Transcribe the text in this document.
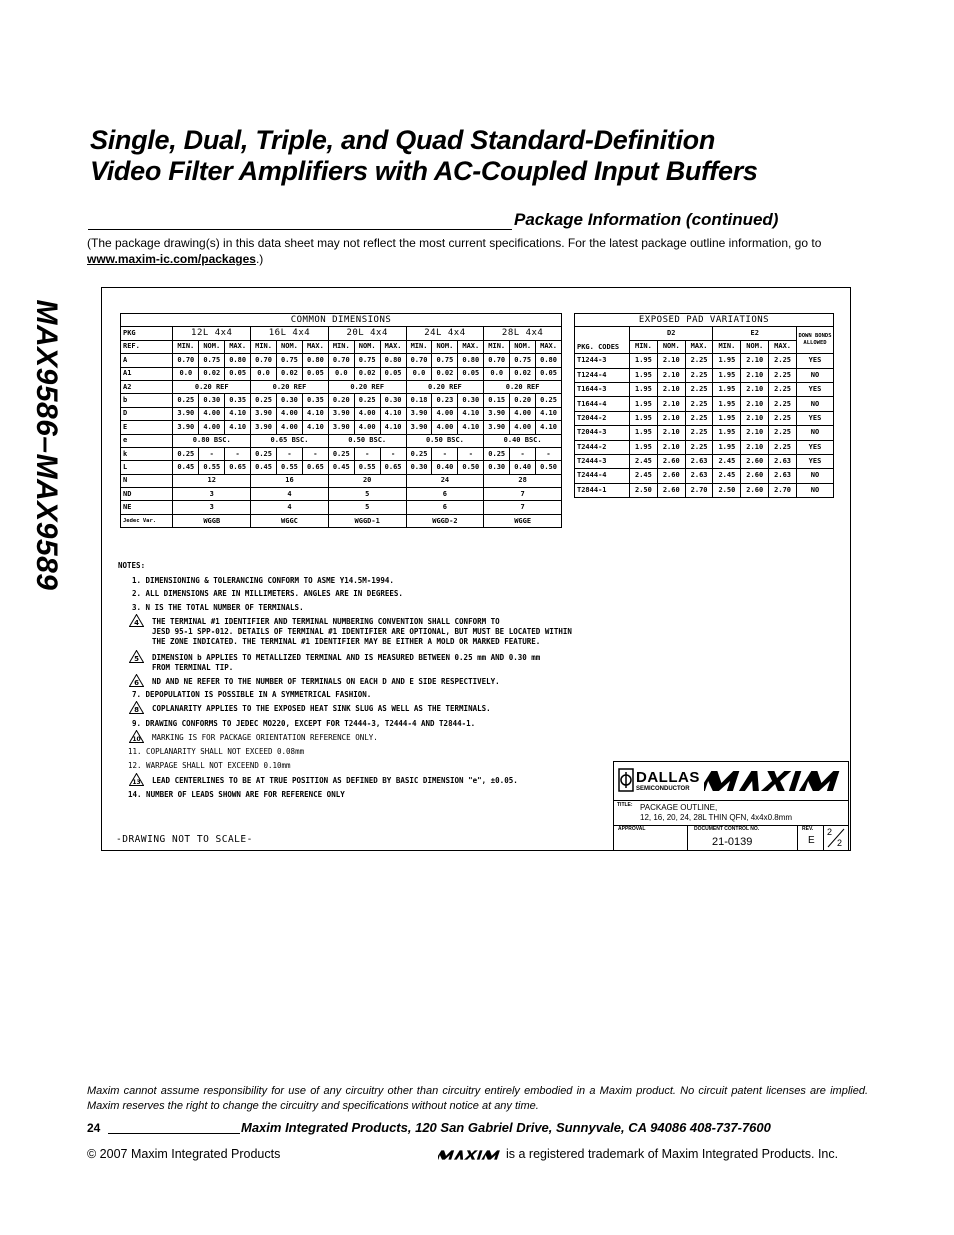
MAX9586–MAX9589
Single, Dual, Triple, and Quad Standard-Definition
Video Filter Amplifiers with AC-Coupled Input Buffers
Package Information (continued)
(The package drawing(s) in this data sheet may not reflect the most current specifications. For the latest package outline information, go to www.maxim-ic.com/packages.)
COMMON DIMENSIONS															
PKG	12L 4x4			16L 4x4			20L 4x4			24L 4x4			28L 4x4		
REF.	MIN.	NOM.	MAX.	MIN.	NOM.	MAX.	MIN.	NOM.	MAX.	MIN.	NOM.	MAX.	MIN.	NOM.	MAX.
A	0.70	0.75	0.80	0.70	0.75	0.80	0.70	0.75	0.80	0.70	0.75	0.80	0.70	0.75	0.80
A1	0.0	0.02	0.05	0.0	0.02	0.05	0.0	0.02	0.05	0.0	0.02	0.05	0.0	0.02	0.05
A2	0.20 REF			0.20 REF			0.20 REF			0.20 REF			0.20 REF		
b	0.25	0.30	0.35	0.25	0.30	0.35	0.20	0.25	0.30	0.18	0.23	0.30	0.15	0.20	0.25
D	3.90	4.00	4.10	3.90	4.00	4.10	3.90	4.00	4.10	3.90	4.00	4.10	3.90	4.00	4.10
E	3.90	4.00	4.10	3.90	4.00	4.10	3.90	4.00	4.10	3.90	4.00	4.10	3.90	4.00	4.10
e	0.80 BSC.			0.65 BSC.			0.50 BSC.			0.50 BSC.			0.40 BSC.		
k	0.25	-	-	0.25	-	-	0.25	-	-	0.25	-	-	0.25	-	-
L	0.45	0.55	0.65	0.45	0.55	0.65	0.45	0.55	0.65	0.30	0.40	0.50	0.30	0.40	0.50
N	12			16			20			24			28		
ND	3			4			5			6			7		
NE	3			4			5			6			7		
Jedec Var.	WGGB			WGGC			WGGD-1			WGGD-2			WGGE		
EXPOSED PAD VARIATIONS							
PKG. CODES	D2			E2			DOWN BONDS ALLOWED
	MIN.	NOM.	MAX.	MIN.	NOM.	MAX.	
T1244-3	1.95	2.10	2.25	1.95	2.10	2.25	YES
T1244-4	1.95	2.10	2.25	1.95	2.10	2.25	NO
T1644-3	1.95	2.10	2.25	1.95	2.10	2.25	YES
T1644-4	1.95	2.10	2.25	1.95	2.10	2.25	NO
T2044-2	1.95	2.10	2.25	1.95	2.10	2.25	YES
T2044-3	1.95	2.10	2.25	1.95	2.10	2.25	NO
T2444-2	1.95	2.10	2.25	1.95	2.10	2.25	YES
T2444-3	2.45	2.60	2.63	2.45	2.60	2.63	YES
T2444-4	2.45	2.60	2.63	2.45	2.60	2.63	NO
T2844-1	2.50	2.60	2.70	2.50	2.60	2.70	NO
NOTES:
1. DIMENSIONING & TOLERANCING CONFORM TO ASME Y14.5M-1994.
2. ALL DIMENSIONS ARE IN MILLIMETERS. ANGLES ARE IN DEGREES.
3. N IS THE TOTAL NUMBER OF TERMINALS.
THE TERMINAL #1 IDENTIFIER AND TERMINAL NUMBERING CONVENTION SHALL CONFORM TO
JESD 95-1 SPP-012. DETAILS OF TERMINAL #1 IDENTIFIER ARE OPTIONAL, BUT MUST BE LOCATED WITHIN
THE ZONE INDICATED. THE TERMINAL #1 IDENTIFIER MAY BE EITHER A MOLD OR MARKED FEATURE.
DIMENSION b APPLIES TO METALLIZED TERMINAL AND IS MEASURED BETWEEN 0.25 mm AND 0.30 mm
FROM TERMINAL TIP.
ND AND NE REFER TO THE NUMBER OF TERMINALS ON EACH D AND E SIDE RESPECTIVELY.
7. DEPOPULATION IS POSSIBLE IN A SYMMETRICAL FASHION.
COPLANARITY APPLIES TO THE EXPOSED HEAT SINK SLUG AS WELL AS THE TERMINALS.
9. DRAWING CONFORMS TO JEDEC MO220, EXCEPT FOR T2444-3, T2444-4 AND T2844-1.
MARKING IS FOR PACKAGE ORIENTATION REFERENCE ONLY.
11. COPLANARITY SHALL NOT EXCEED 0.08mm
12. WARPAGE SHALL NOT EXCEEND 0.10mm
LEAD CENTERLINES TO BE AT TRUE POSITION AS DEFINED BY BASIC DIMENSION "e", ±0.05.
14. NUMBER OF LEADS SHOWN ARE FOR REFERENCE ONLY
4
5
6
8
10
13
-DRAWING NOT TO SCALE-
DALLAS
SEMICONDUCTOR
TITLE: PACKAGE OUTLINE,
12, 16, 20, 24, 28L THIN QFN, 4x4x0.8mm
APPROVAL	DOCUMENT CONTROL NO.
21-0139
REV.
E
2
2
Maxim cannot assume responsibility for use of any circuitry other than circuitry entirely embodied in a Maxim product. No circuit patent licenses are implied. Maxim reserves the right to change the circuitry and specifications without notice at any time.
24	Maxim Integrated Products, 120 San Gabriel Drive, Sunnyvale, CA 94086 408-737-7600
© 2007 Maxim Integrated Products	is a registered trademark of Maxim Integrated Products. Inc.
